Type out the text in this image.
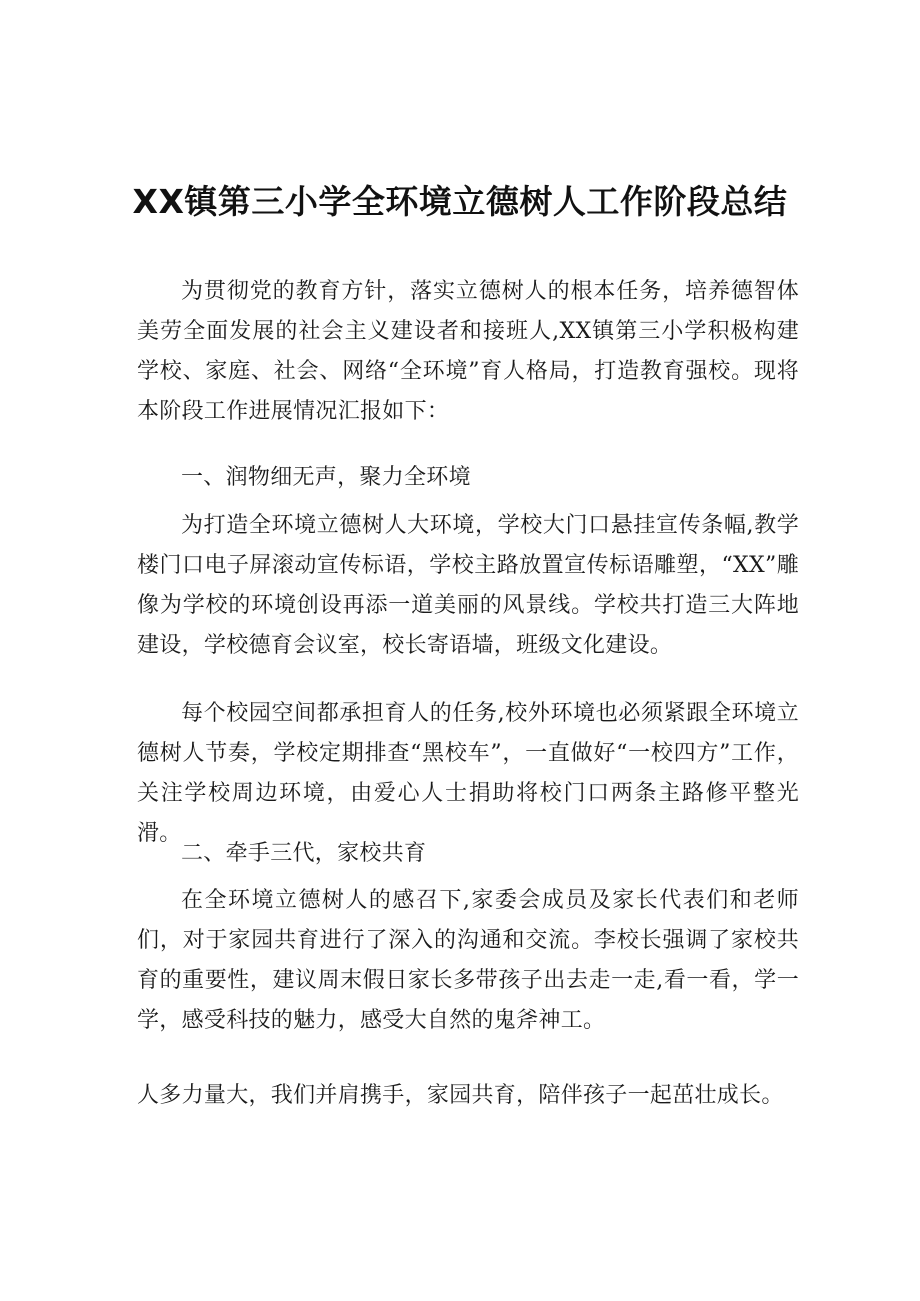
XX镇第三小学全环境立德树人工作阶段总结

为贯彻党的教育方针，落实立德树人的根本任务，培养德智体美劳全面发展的社会主义建设者和接班人,XX镇第三小学积极构建学校、家庭、社会、网络“全环境”育人格局，打造教育强校。现将本阶段工作进展情况汇报如下：

一、润物细无声，聚力全环境

为打造全环境立德树人大环境，学校大门口悬挂宣传条幅,教学楼门口电子屏滚动宣传标语，学校主路放置宣传标语雕塑，“XX”雕像为学校的环境创设再添一道美丽的风景线。学校共打造三大阵地建设，学校德育会议室，校长寄语墙，班级文化建设。

每个校园空间都承担育人的任务,校外环境也必须紧跟全环境立德树人节奏，学校定期排查“黑校车”，一直做好“一校四方”工作，关注学校周边环境，由爱心人士捐助将校门口两条主路修平整光滑。

二、牵手三代，家校共育

在全环境立德树人的感召下,家委会成员及家长代表们和老师们，对于家园共育进行了深入的沟通和交流。李校长强调了家校共育的重要性，建议周末假日家长多带孩子出去走一走,看一看，学一学，感受科技的魅力，感受大自然的鬼斧神工。

人多力量大，我们并肩携手，家园共育，陪伴孩子一起茁壮成长。
